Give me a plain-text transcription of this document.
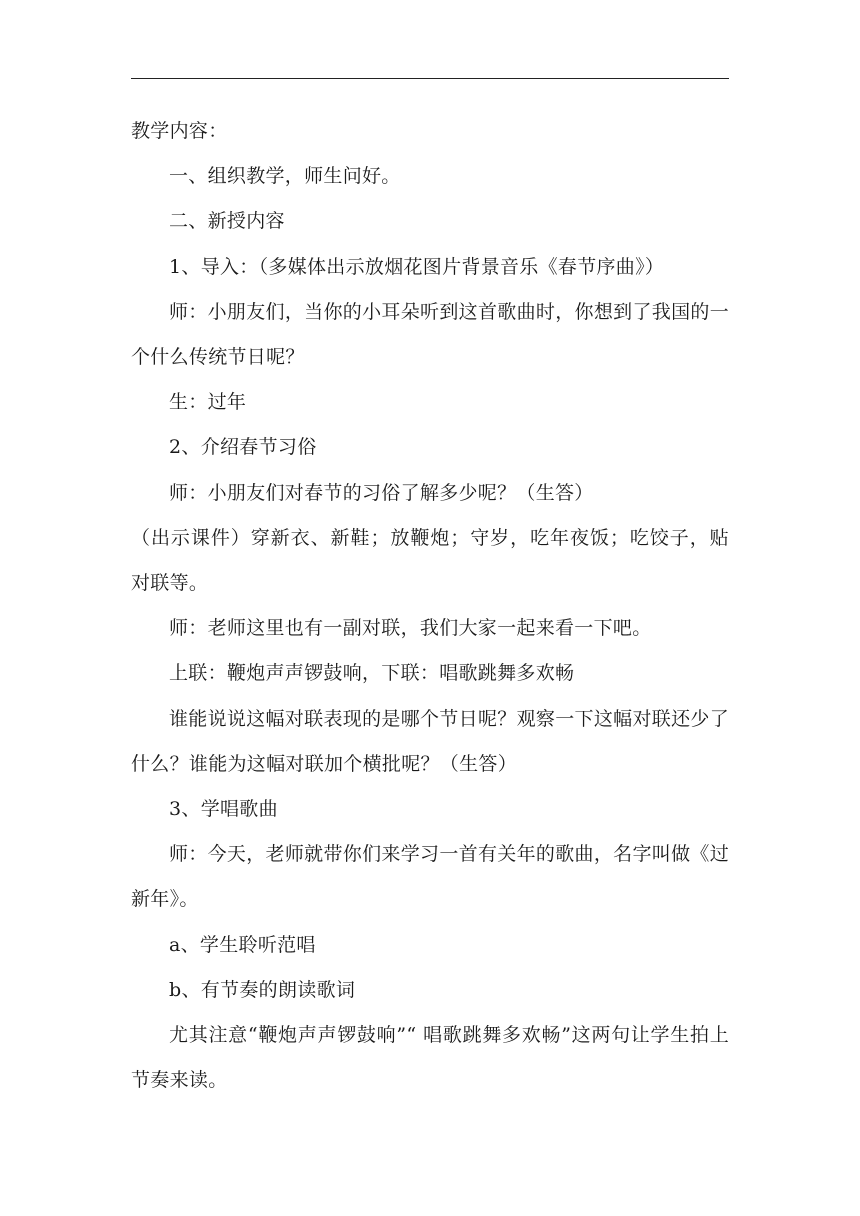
教学内容：

一、组织教学，师生问好。

二、新授内容

1、导入：（多媒体出示放烟花图片背景音乐《春节序曲》）

师：小朋友们，当你的小耳朵听到这首歌曲时，你想到了我国的一个什么传统节日呢？

生：过年

2、介绍春节习俗

师：小朋友们对春节的习俗了解多少呢？（生答）

（出示课件）穿新衣、新鞋；放鞭炮；守岁，吃年夜饭；吃饺子，贴对联等。

师：老师这里也有一副对联，我们大家一起来看一下吧。

上联：鞭炮声声锣鼓响，下联：唱歌跳舞多欢畅

谁能说说这幅对联表现的是哪个节日呢？观察一下这幅对联还少了什么？谁能为这幅对联加个横批呢？（生答）

3、学唱歌曲

师：今天，老师就带你们来学习一首有关年的歌曲，名字叫做《过新年》。

a、学生聆听范唱

b、有节奏的朗读歌词

尤其注意“鞭炮声声锣鼓响”“ 唱歌跳舞多欢畅”这两句让学生拍上节奏来读。
